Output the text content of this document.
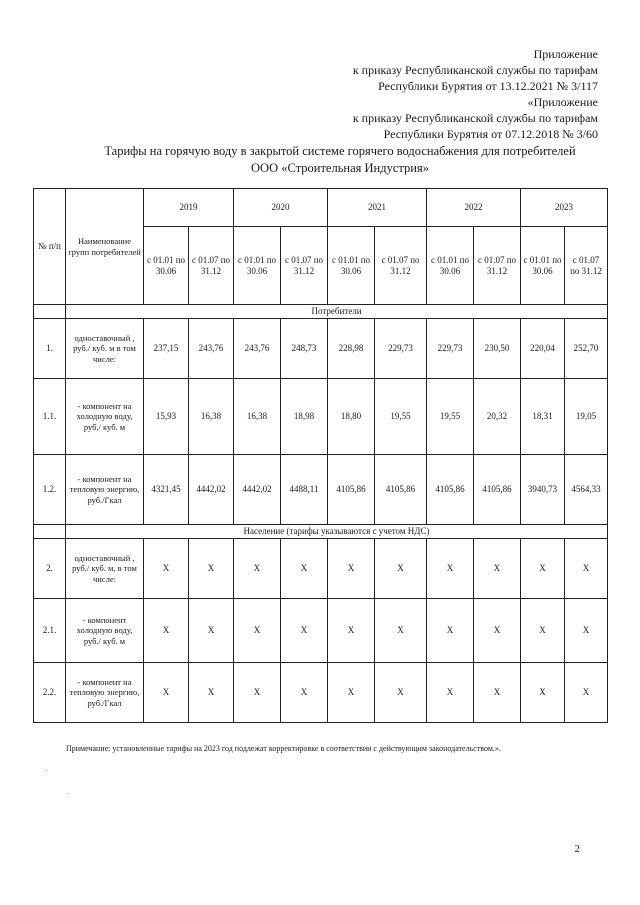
Приложение
к приказу Республиканской службы по тарифам
Республики Бурятия от 13.12.2021 № 3/117
«Приложение
к приказу Республиканской службы по тарифам
Республики Бурятия от 07.12.2018 № 3/60
Тарифы на горячую воду в закрытой системе горячего водоснабжения для потребителей
ООО «Строительная Индустрия»
№ п/п	Наименование групп потребителей	2019		2020		2021		2022		2023	
		с 01.01 по 30.06	с 01.07 по 31.12	с 01.01 по 30.06	с 01.07 по 31.12	с 01.01 по 30.06	с 01.07 по 31.12	с 01.01 по 30.06	с 01.07 по 31.12	с 01.01 по 30.06	с 01.07 по 31.12
	Потребители										
1.	одноставочный , руб./ куб. м в том числе:	237,15	243,76	243,76	248,73	228,98	229,73	229,73	230,50	220,04	252,70
1.1.	- компонент на холодную воду, руб./ куб. м	15,93	16,38	16,38	18,98	18,80	19,55	19,55	20,32	18,31	19,05
1.2.	- компонент на тепловую энергию, руб./Гкал	4321,45	4442,02	4442,02	4488,11	4105,86	4105,86	4105,86	4105,86	3940,73	4564,33
	Население (тарифы указываются с учетом НДС)										
2.	одноставочный , руб./ куб. м, в том числе:	X	X	X	X	X	X	X	X	X	X
2.1.	- компонент холодную воду, руб./ куб. м	X	X	X	X	X	X	X	X	X	X
2.2.	- компонент на тепловую энергию, руб./Гкал	X	X	X	X	X	X	X	X	X	X
Примечание: установленные тарифы на 2023 год подлежат корректировке в соответствии с действующим законодательством.».
2
